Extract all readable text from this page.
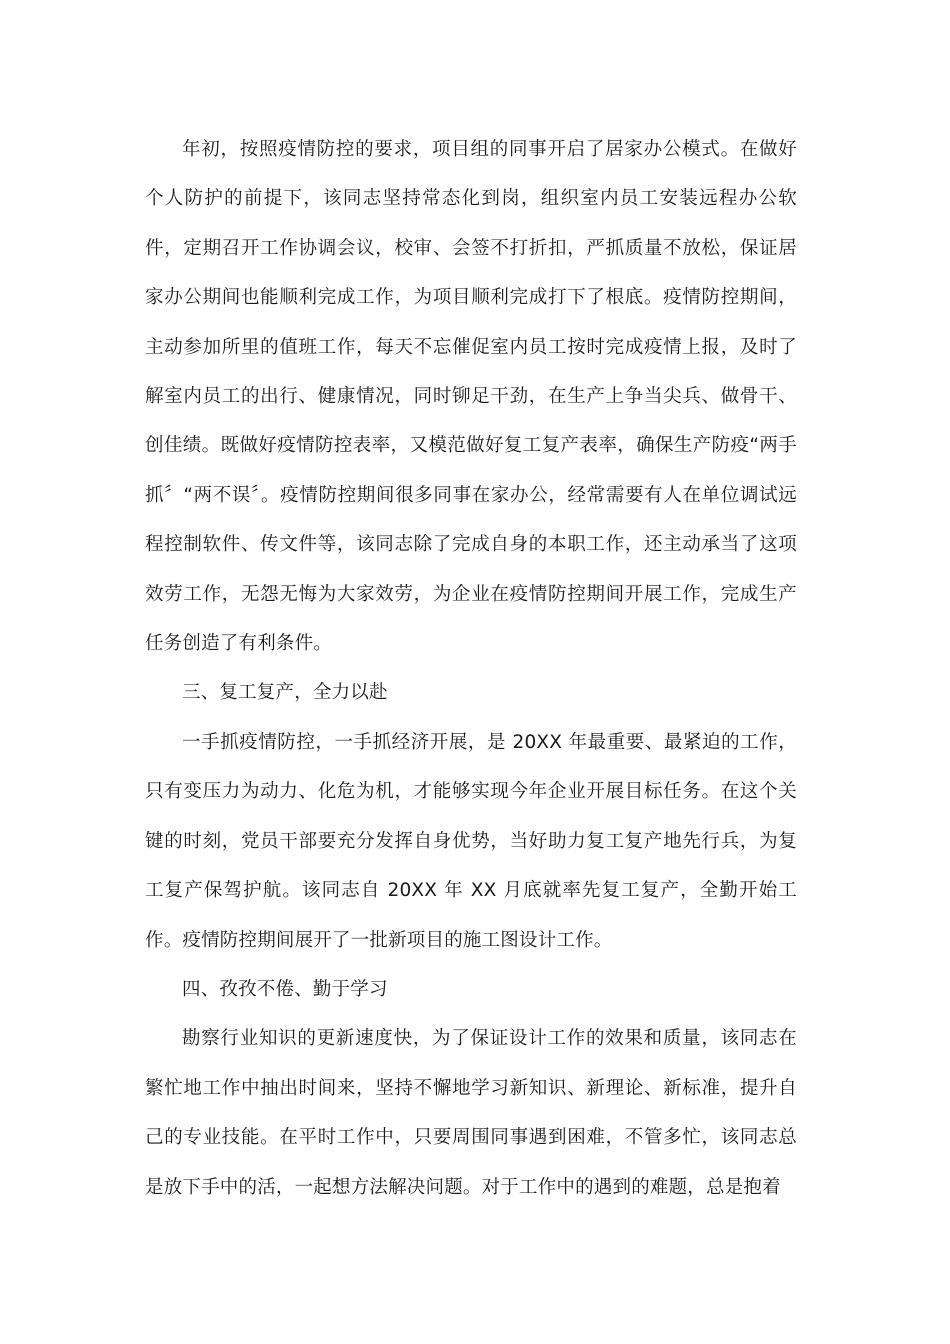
年初，按照疫情防控的要求，项目组的同事开启了居家办公模式。在做好个人防护的前提下，该同志坚持常态化到岗，组织室内员工安装远程办公软件，定期召开工作协调会议，校审、会签不打折扣，严抓质量不放松，保证居家办公期间也能顺利完成工作，为项目顺利完成打下了根底。疫情防控期间，主动参加所里的值班工作，每天不忘催促室内员工按时完成疫情上报，及时了解室内员工的出行、健康情况，同时铆足干劲，在生产上争当尖兵、做骨干、创佳绩。既做好疫情防控表率，又模范做好复工复产表率，确保生产防疫“两手抓〞“两不误〞。疫情防控期间很多同事在家办公，经常需要有人在单位调试远程控制软件、传文件等，该同志除了完成自身的本职工作，还主动承当了这项效劳工作，无怨无悔为大家效劳，为企业在疫情防控期间开展工作，完成生产任务创造了有利条件。

三、复工复产，全力以赴

一手抓疫情防控，一手抓经济开展，是 20XX 年最重要、最紧迫的工作，只有变压力为动力、化危为机，才能够实现今年企业开展目标任务。在这个关键的时刻，党员干部要充分发挥自身优势，当好助力复工复产地先行兵，为复工复产保驾护航。该同志自 20XX 年 XX 月底就率先复工复产，全勤开始工作。疫情防控期间展开了一批新项目的施工图设计工作。

四、孜孜不倦、勤于学习

勘察行业知识的更新速度快，为了保证设计工作的效果和质量，该同志在繁忙地工作中抽出时间来，坚持不懈地学习新知识、新理论、新标准，提升自己的专业技能。在平时工作中，只要周围同事遇到困难，不管多忙，该同志总是放下手中的活，一起想方法解决问题。对于工作中的遇到的难题，总是抱着
